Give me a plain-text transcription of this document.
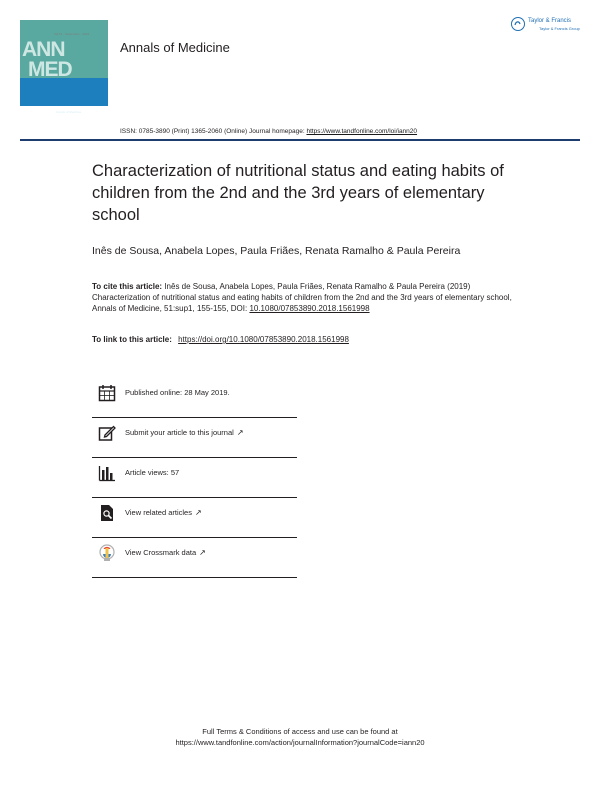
ANN
MED
Vol 51 · September · 2019
Annals of Medicine
Annals of Medicine
Taylor & Francis
Taylor & Francis Group
ISSN: 0785-3890 (Print) 1365-2060 (Online) Journal homepage: https://www.tandfonline.com/loi/iann20
Characterization of nutritional status and eating habits of children from the 2nd and the 3rd years of elementary school
Inês de Sousa, Anabela Lopes, Paula Friães, Renata Ramalho & Paula Pereira
To cite this article: Inês de Sousa, Anabela Lopes, Paula Friães, Renata Ramalho & Paula Pereira (2019) Characterization of nutritional status and eating habits of children from the 2nd and the 3rd years of elementary school, Annals of Medicine, 51:sup1, 155-155, DOI: 10.1080/07853890.2018.1561998
To link to this article: https://doi.org/10.1080/07853890.2018.1561998
Published online: 28 May 2019.
Submit your article to this journal ↗
Article views: 57
View related articles ↗
View Crossmark data ↗
Full Terms & Conditions of access and use can be found at
https://www.tandfonline.com/action/journalInformation?journalCode=iann20
